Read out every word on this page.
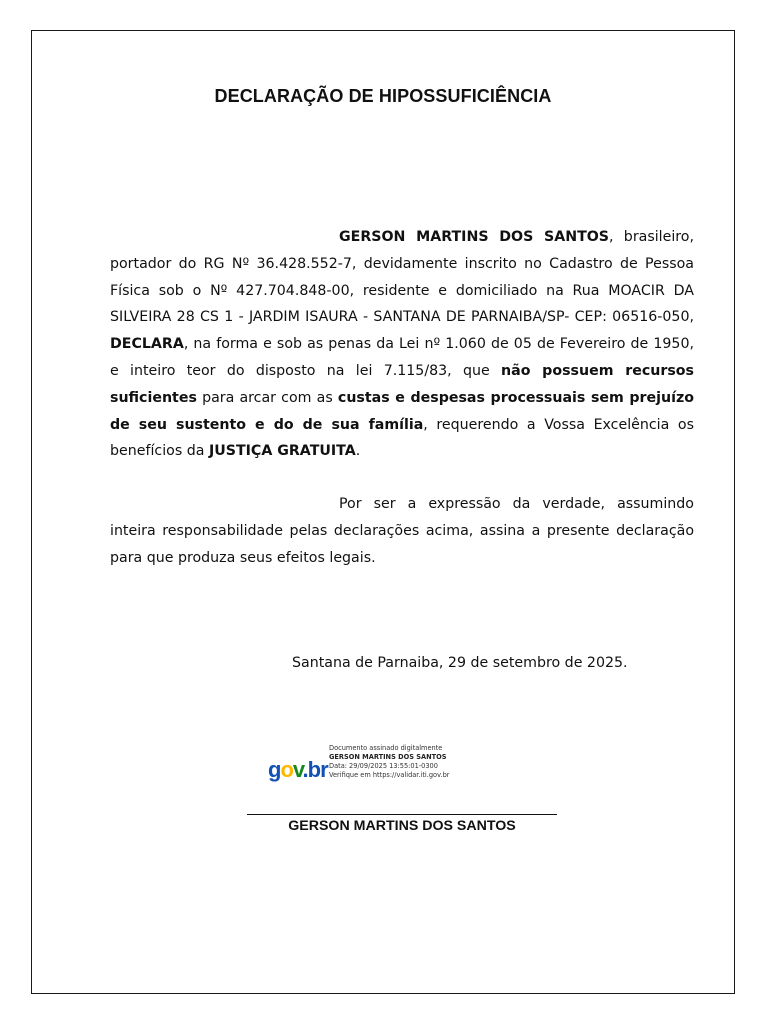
DECLARAÇÃO DE HIPOSSUFICIÊNCIA

GERSON MARTINS DOS SANTOS, brasileiro, portador do RG Nº 36.428.552-7, devidamente inscrito no Cadastro de Pessoa Física sob o Nº 427.704.848-00, residente e domiciliado na Rua MOACIR DA SILVEIRA 28 CS 1 - JARDIM ISAURA - SANTANA DE PARNAIBA/SP- CEP: 06516-050, DECLARA, na forma e sob as penas da Lei nº 1.060 de 05 de Fevereiro de 1950, e inteiro teor do disposto na lei 7.115/83, que não possuem recursos suficientes para arcar com as custas e despesas processuais sem prejuízo de seu sustento e do de sua família, requerendo a Vossa Excelência os benefícios da JUSTIÇA GRATUITA.

Por ser a expressão da verdade, assumindo inteira responsabilidade pelas declarações acima, assina a presente declaração para que produza seus efeitos legais.

Santana de Parnaiba, 29 de setembro de 2025.
gov.br
Documento assinado digitalmente
GERSON MARTINS DOS SANTOS
Data: 29/09/2025 13:55:01-0300
Verifique em https://validar.iti.gov.br
GERSON MARTINS DOS SANTOS
